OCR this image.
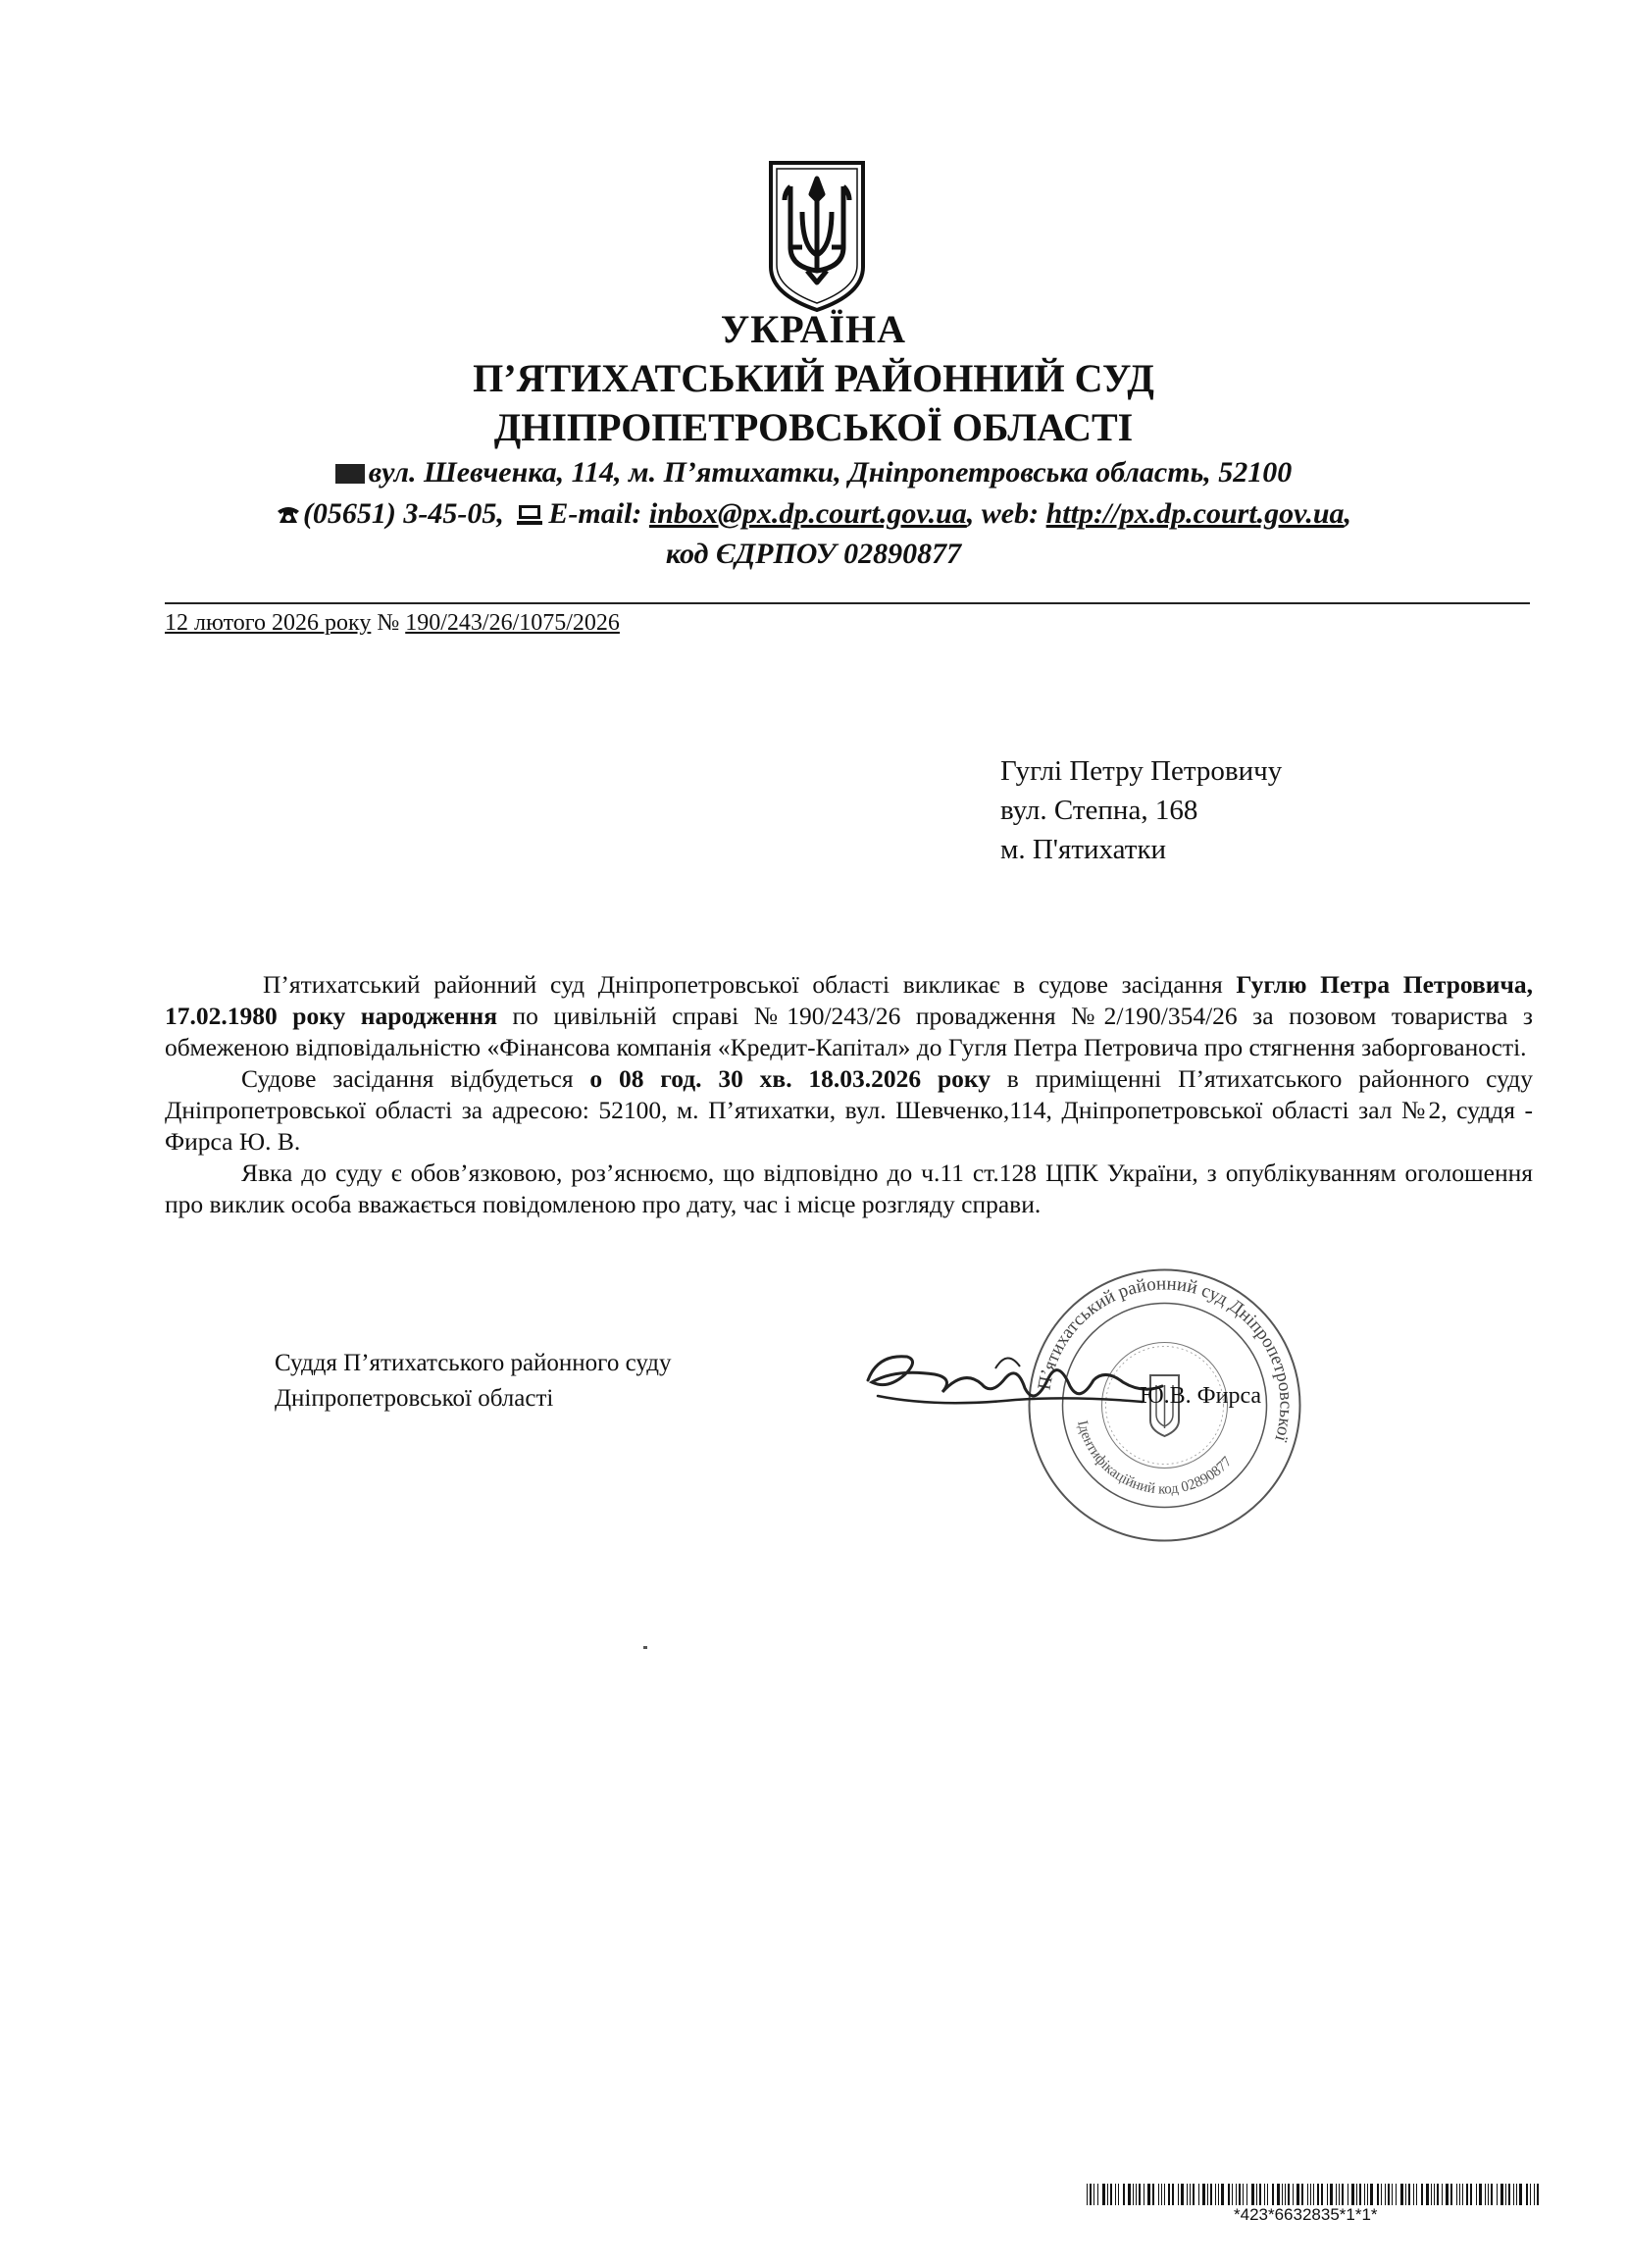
УКРАЇНА
П’ЯТИХАТСЬКИЙ РАЙОННИЙ СУД
ДНІПРОПЕТРОВСЬКОЇ ОБЛАСТІ
вул. Шевченка, 114, м. П’ятихатки, Дніпропетровська область, 52100
(05651) 3-45-05, E-mail: inbox@px.dp.court.gov.ua, web: http://px.dp.court.gov.ua,
код ЄДРПОУ 02890877
12 лютого 2026 року № 190/243/26/1075/2026
Гуглі Петру Петровичу
вул. Степна, 168
м. П'ятихатки

П’ятихатський районний суд Дніпропетровської області викликає в судове засідання Гуглю Петра Петровича, 17.02.1980 року народження по цивільній справі №190/243/26 провадження №2/190/354/26 за позовом товариства з обмеженою відповідальністю «Фінансова компанія «Кредит-Капітал» до Гугля Петра Петровича про стягнення заборгованості.

Судове засідання відбудеться о 08 год. 30 хв. 18.03.2026 року в приміщенні П’ятихатського районного суду Дніпропетровської області за адресою: 52100, м. П’ятихатки, вул. Шевченко,114, Дніпропетровської області зал №2, суддя - Фирса Ю. В.

Явка до суду є обов’язковою, роз’яснюємо, що відповідно до ч.11 ст.128 ЦПК України, з опублікуванням оголошення про виклик особа вважається повідомленою про дату, час і місце розгляду справи.

Суддя П’ятихатського районного суду
Дніпропетровської області
П’ятихатський районний суд Дніпропетровської
Ідентифікаційний код 02890877
Ю.В. Фирса
*423*6632835*1*1*
